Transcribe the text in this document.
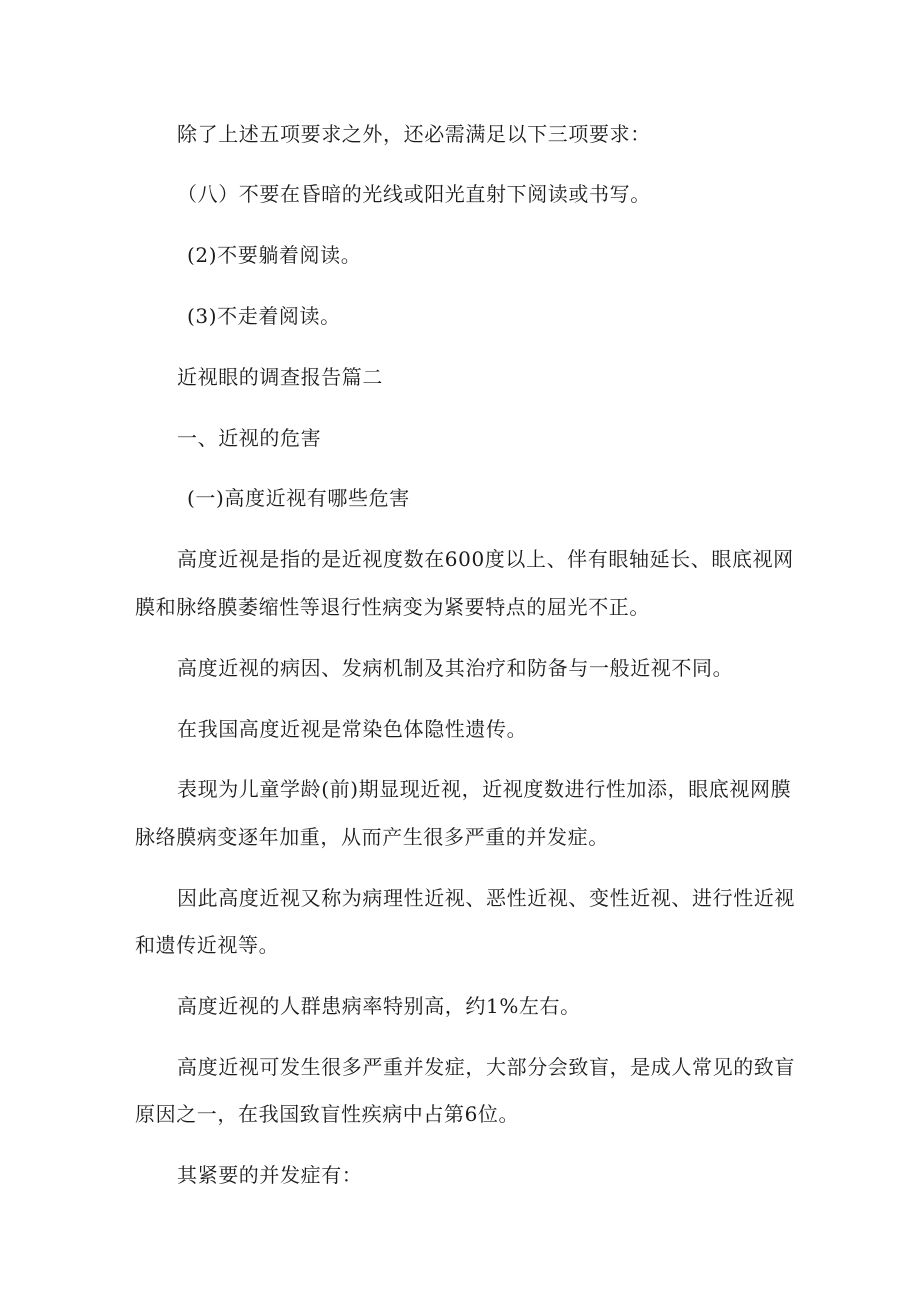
除了上述五项要求之外，还必需满足以下三项要求：

（八）不要在昏暗的光线或阳光直射下阅读或书写。

(2)不要躺着阅读。

(3)不走着阅读。

近视眼的调查报告篇二

一、近视的危害

(一)高度近视有哪些危害

高度近视是指的是近视度数在600度以上、伴有眼轴延长、眼底视网

膜和脉络膜萎缩性等退行性病变为紧要特点的屈光不正。

高度近视的病因、发病机制及其治疗和防备与一般近视不同。

在我国高度近视是常染色体隐性遗传。

表现为儿童学龄(前)期显现近视，近视度数进行性加添，眼底视网膜

脉络膜病变逐年加重，从而产生很多严重的并发症。

因此高度近视又称为病理性近视、恶性近视、变性近视、进行性近视

和遗传近视等。

高度近视的人群患病率特别高，约1%左右。

高度近视可发生很多严重并发症，大部分会致盲，是成人常见的致盲

原因之一，在我国致盲性疾病中占第6位。

其紧要的并发症有：
